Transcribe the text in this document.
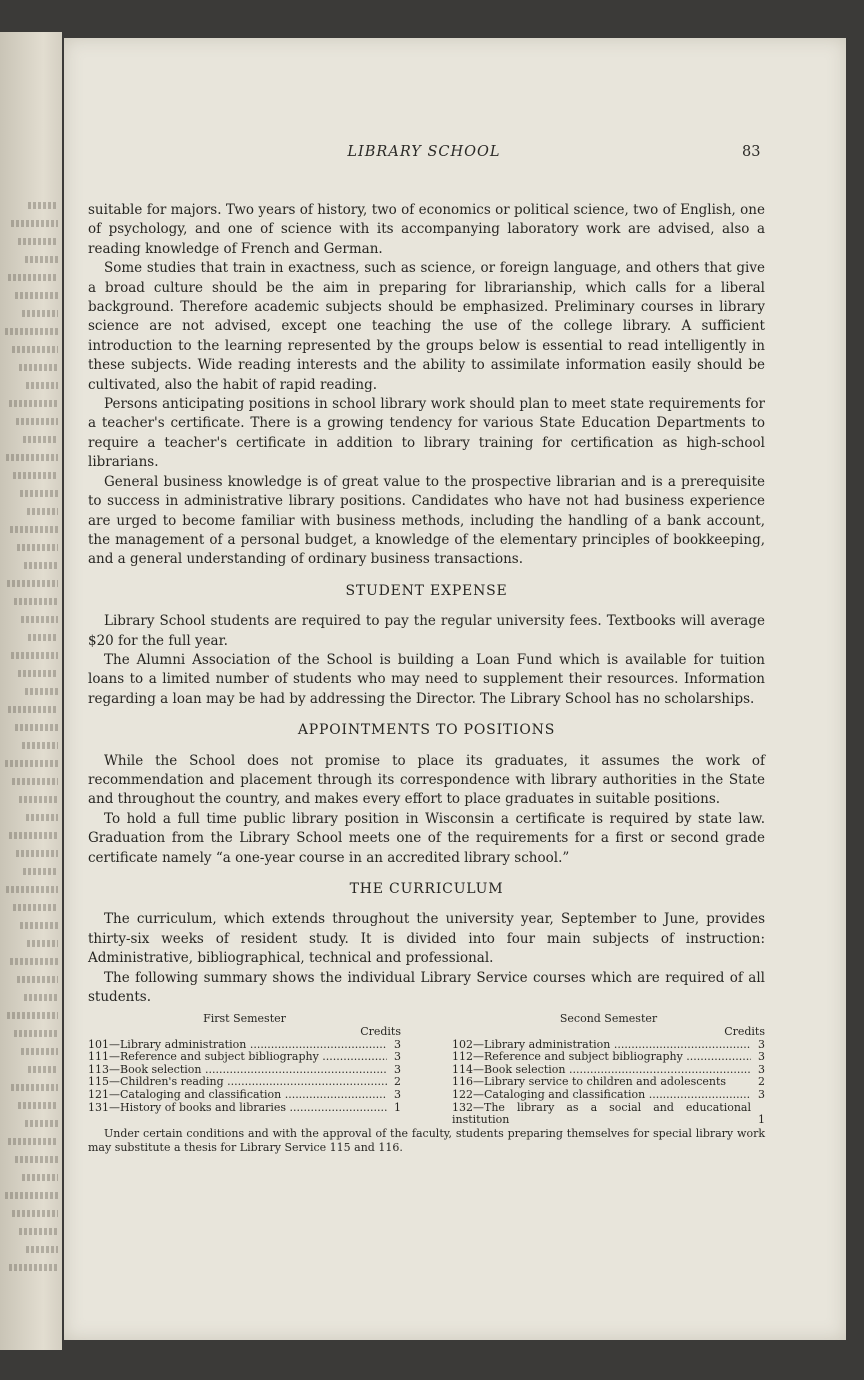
LIBRARY SCHOOL	83

suitable for majors. Two years of history, two of economics or political science, two of English, one of psychology, and one of science with its accompanying laboratory work are advised, also a reading knowledge of French and German.

Some studies that train in exactness, such as science, or foreign language, and others that give a broad culture should be the aim in preparing for librarianship, which calls for a liberal background. Therefore academic subjects should be emphasized. Preliminary courses in library science are not advised, except one teaching the use of the college library. A sufficient introduction to the learning represented by the groups below is essential to read intelligently in these subjects. Wide reading interests and the ability to assimilate information easily should be cultivated, also the habit of rapid reading.

Persons anticipating positions in school library work should plan to meet state requirements for a teacher's certificate. There is a growing tendency for various State Education Departments to require a teacher's certificate in addition to library training for certification as high-school librarians.

General business knowledge is of great value to the prospective librarian and is a prerequisite to success in administrative library positions. Candidates who have not had business experience are urged to become familiar with business methods, including the handling of a bank account, the management of a personal budget, a knowledge of the elementary principles of bookkeeping, and a general understanding of ordinary business transactions.

STUDENT EXPENSE

Library School students are required to pay the regular university fees. Textbooks will average $20 for the full year.

The Alumni Association of the School is building a Loan Fund which is available for tuition loans to a limited number of students who may need to supplement their resources. Information regarding a loan may be had by addressing the Director. The Library School has no scholarships.

APPOINTMENTS TO POSITIONS

While the School does not promise to place its graduates, it assumes the work of recommendation and placement through its correspondence with library authorities in the State and throughout the country, and makes every effort to place graduates in suitable positions.

To hold a full time public library position in Wisconsin a certificate is required by state law. Graduation from the Library School meets one of the requirements for a first or second grade certificate namely “a one-year course in an accredited library school.”

THE CURRICULUM

The curriculum, which extends throughout the university year, September to June, provides thirty-six weeks of resident study. It is divided into four main subjects of instruction: Administrative, bibliographical, technical and professional.

The following summary shows the individual Library Service courses which are required of all students.

First Semester
Credits
101—Library administration .....	3
111—Reference and subject bibliography .....	3
113—Book selection .....	3
115—Children's reading .....	2
121—Cataloging and classification .....	3
131—History of books and libraries .....	1
Second Semester
Credits
102—Library administration .....	3
112—Reference and subject bibliography .....	3
114—Book selection .....	3
116—Library service to children and adolescents	2
122—Cataloging and classification .....	3
132—The library as a social and educational institution	1

Under certain conditions and with the approval of the faculty, students preparing themselves for special library work may substitute a thesis for Library Service 115 and 116.
